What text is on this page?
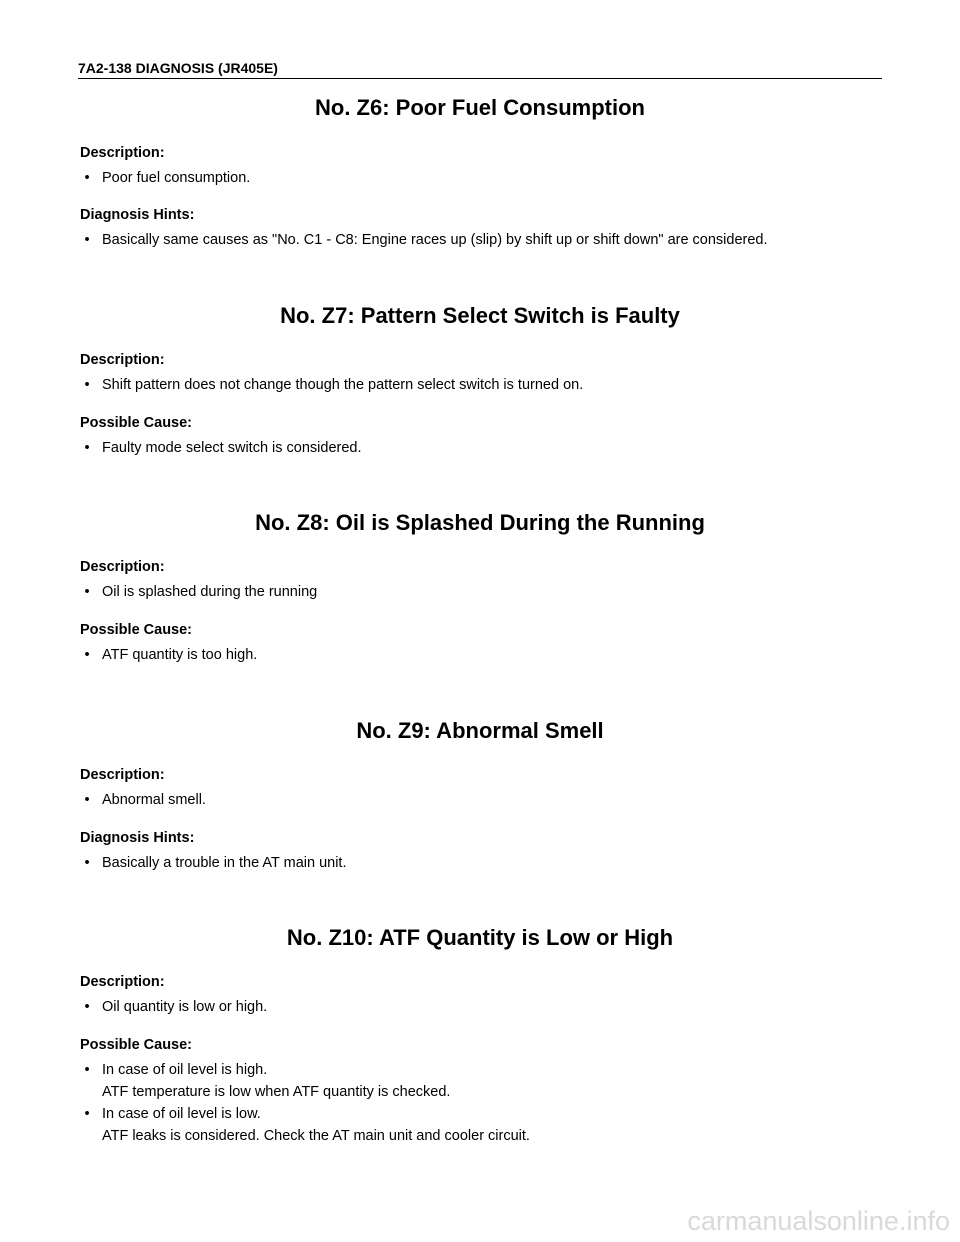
7A2-138 DIAGNOSIS (JR405E)
No. Z6: Poor Fuel Consumption
Description:
• Poor fuel consumption.
Diagnosis Hints:
• Basically same causes as "No. C1 - C8: Engine races up (slip) by shift up or shift down" are considered.
No. Z7: Pattern Select Switch is Faulty
Description:
• Shift pattern does not change though the pattern select switch is turned on.
Possible Cause:
• Faulty mode select switch is considered.
No. Z8: Oil is Splashed During the Running
Description:
• Oil is splashed during the running
Possible Cause:
• ATF quantity is too high.
No. Z9: Abnormal Smell
Description:
• Abnormal smell.
Diagnosis Hints:
• Basically a trouble in the AT main unit.
No. Z10: ATF Quantity is Low or High
Description:
• Oil quantity is low or high.
Possible Cause:
• In case of oil level is high.
ATF temperature is low when ATF quantity is checked.
• In case of oil level is low.
ATF leaks is considered. Check the AT main unit and cooler circuit.
carmanualsonline.info
